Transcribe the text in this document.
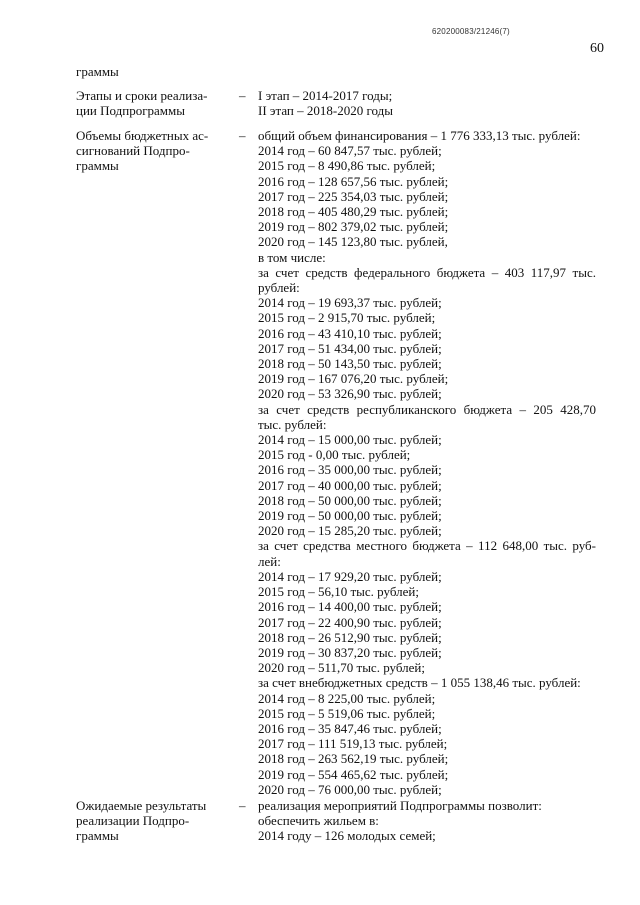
620200083/21246(7)
60
граммы
Этапы и сроки реализа-
ции Подпрограммы
– I этап – 2014-2017 годы;
II этап – 2018-2020 годы
Объемы бюджетных ас-
сигнований Подпро-
граммы
– общий объем финансирования – 1 776 333,13 тыс. рублей:
2014 год – 60 847,57 тыс. рублей;
2015 год – 8 490,86 тыс. рублей;
2016 год – 128 657,56 тыс. рублей;
2017 год – 225 354,03 тыс. рублей;
2018 год – 405 480,29 тыс. рублей;
2019 год – 802 379,02 тыс. рублей;
2020 год – 145 123,80 тыс. рублей,
в том числе:
за счет средств федерального бюджета – 403 117,97 тыс.
рублей:
2014 год – 19 693,37 тыс. рублей;
2015 год – 2 915,70 тыс. рублей;
2016 год – 43 410,10 тыс. рублей;
2017 год – 51 434,00 тыс. рублей;
2018 год – 50 143,50 тыс. рублей;
2019 год – 167 076,20 тыс. рублей;
2020 год – 53 326,90 тыс. рублей;
за счет средств республиканского бюджета – 205 428,70
тыс. рублей:
2014 год – 15 000,00 тыс. рублей;
2015 год - 0,00 тыс. рублей;
2016 год – 35 000,00 тыс. рублей;
2017 год – 40 000,00 тыс. рублей;
2018 год – 50 000,00 тыс. рублей;
2019 год – 50 000,00 тыс. рублей;
2020 год – 15 285,20 тыс. рублей;
за счет средства местного бюджета – 112 648,00 тыс. руб-
лей:
2014 год – 17 929,20 тыс. рублей;
2015 год – 56,10 тыс. рублей;
2016 год – 14 400,00 тыс. рублей;
2017 год – 22 400,90 тыс. рублей;
2018 год – 26 512,90 тыс. рублей;
2019 год – 30 837,20 тыс. рублей;
2020 год – 511,70 тыс. рублей;
за счет внебюджетных средств – 1 055 138,46 тыс. рублей:
2014 год – 8 225,00 тыс. рублей;
2015 год – 5 519,06 тыс. рублей;
2016 год – 35 847,46 тыс. рублей;
2017 год – 111 519,13 тыс. рублей;
2018 год – 263 562,19 тыс. рублей;
2019 год – 554 465,62 тыс. рублей;
2020 год – 76 000,00 тыс. рублей;
Ожидаемые результаты
реализации Подпро-
граммы
– реализация мероприятий Подпрограммы позволит:
обеспечить жильем в:
2014 году – 126 молодых семей;
